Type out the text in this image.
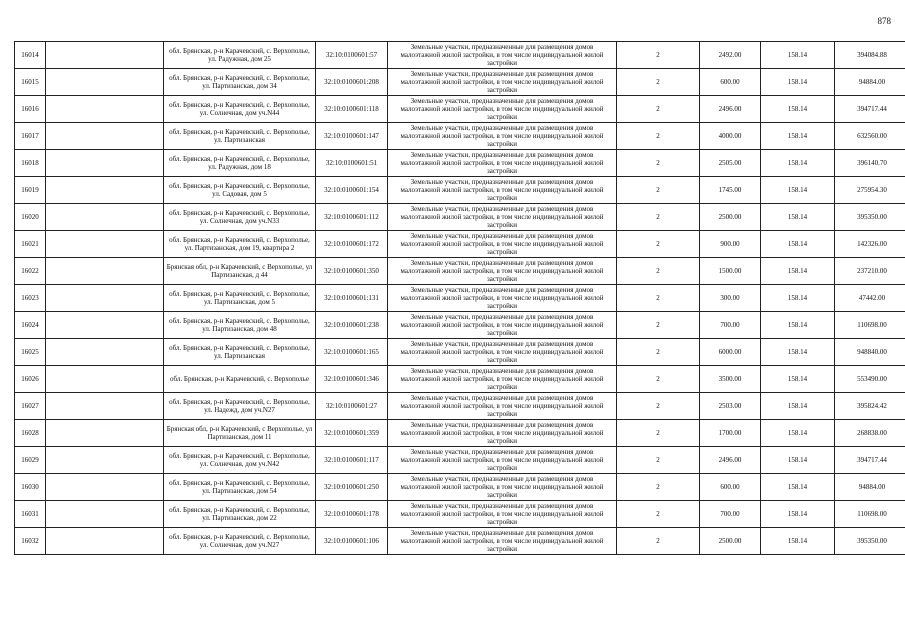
878
16014		обл. Брянская, р-н Карачевский, с. Верхополье, ул. Радужная, дом 25	32:10:0100601:57	Земельные участки, предназначенные для размещения домов малоэтажной жилой застройки, в том числе индивидуальной жилой застройки	2	2492.00	158.14	394084.88
16015		обл. Брянская, р-н Карачевский, с. Верхополье, ул. Партизанская, дом 34	32:10:0100601:208	Земельные участки, предназначенные для размещения домов малоэтажной жилой застройки, в том числе индивидуальной жилой застройки	2	600.00	158.14	94884.00
16016		обл. Брянская, р-н Карачевский, с. Верхополье, ул. Солнечная, дом уч.N44	32:10:0100601:118	Земельные участки, предназначенные для размещения домов малоэтажной жилой застройки, в том числе индивидуальной жилой застройки	2	2496.00	158.14	394717.44
16017		обл. Брянская, р-н Карачевский, с. Верхополье, ул. Партизанская	32:10:0100601:147	Земельные участки, предназначенные для размещения домов малоэтажной жилой застройки, в том числе индивидуальной жилой застройки	2	4000.00	158.14	632560.00
16018		обл. Брянская, р-н Карачевский, с. Верхополье, ул. Радужная, дом 18	32:10:0100601:51	Земельные участки, предназначенные для размещения домов малоэтажной жилой застройки, в том числе индивидуальной жилой застройки	2	2505.00	158.14	396140.70
16019		обл. Брянская, р-н Карачевский, с. Верхополье, ул. Садовая, дом 5	32:10:0100601:154	Земельные участки, предназначенные для размещения домов малоэтажной жилой застройки, в том числе индивидуальной жилой застройки	2	1745.00	158.14	275954.30
16020		обл. Брянская, р-н Карачевский, с. Верхополье, ул. Солнечная, дом уч.N33	32:10:0100601:112	Земельные участки, предназначенные для размещения домов малоэтажной жилой застройки, в том числе индивидуальной жилой застройки	2	2500.00	158.14	395350.00
16021		обл. Брянская, р-н Карачевский, с. Верхополье, ул. Партизанская, дом 19, квартира 2	32:10:0100601:172	Земельные участки, предназначенные для размещения домов малоэтажной жилой застройки, в том числе индивидуальной жилой застройки	2	900.00	158.14	142326.00
16022		Брянская обл, р-н Карачевский, с Верхополье, ул Партизанская, д 44	32:10:0100601:350	Земельные участки, предназначенные для размещения домов малоэтажной жилой застройки, в том числе индивидуальной жилой застройки	2	1500.00	158.14	237210.00
16023		обл. Брянская, р-н Карачевский, с. Верхополье, ул. Партизанская, дом 5	32:10:0100601:131	Земельные участки, предназначенные для размещения домов малоэтажной жилой застройки, в том числе индивидуальной жилой застройки	2	300.00	158.14	47442.00
16024		обл. Брянская, р-н Карачевский, с. Верхополье, ул. Партизанская, дом 48	32:10:0100601:238	Земельные участки, предназначенные для размещения домов малоэтажной жилой застройки, в том числе индивидуальной жилой застройки	2	700.00	158.14	110698.00
16025		обл. Брянская, р-н Карачевский, с. Верхополье, ул. Партизанская	32:10:0100601:165	Земельные участки, предназначенные для размещения домов малоэтажной жилой застройки, в том числе индивидуальной жилой застройки	2	6000.00	158.14	948840.00
16026		обл. Брянская, р-н Карачевский, с. Верхополье	32:10:0100601:346	Земельные участки, предназначенные для размещения домов малоэтажной жилой застройки, в том числе индивидуальной жилой застройки	2	3500.00	158.14	553490.00
16027		обл. Брянская, р-н Карачевский, с. Верхополье, ул. Надежд, дом уч.N27	32:10:0100601:27	Земельные участки, предназначенные для размещения домов малоэтажной жилой застройки, в том числе индивидуальной жилой застройки	2	2503.00	158.14	395824.42
16028		Брянская обл, р-н Карачевский, с Верхополье, ул Партизанская, дом 11	32:10:0100601:359	Земельные участки, предназначенные для размещения домов малоэтажной жилой застройки, в том числе индивидуальной жилой застройки	2	1700.00	158.14	268838.00
16029		обл. Брянская, р-н Карачевский, с. Верхополье, ул. Солнечная, дом уч.N42	32:10:0100601:117	Земельные участки, предназначенные для размещения домов малоэтажной жилой застройки, в том числе индивидуальной жилой застройки	2	2496.00	158.14	394717.44
16030		обл. Брянская, р-н Карачевский, с. Верхополье, ул. Партизанская, дом 54	32:10:0100601:250	Земельные участки, предназначенные для размещения домов малоэтажной жилой застройки, в том числе индивидуальной жилой застройки	2	600.00	158.14	94884.00
16031		обл. Брянская, р-н Карачевский, с. Верхополье, ул. Партизанская, дом 22	32:10:0100601:178	Земельные участки, предназначенные для размещения домов малоэтажной жилой застройки, в том числе индивидуальной жилой застройки	2	700.00	158.14	110698.00
16032		обл. Брянская, р-н Карачевский, с. Верхополье, ул. Солнечная, дом уч.N27	32:10:0100601:106	Земельные участки, предназначенные для размещения домов малоэтажной жилой застройки, в том числе индивидуальной жилой застройки	2	2500.00	158.14	395350.00
